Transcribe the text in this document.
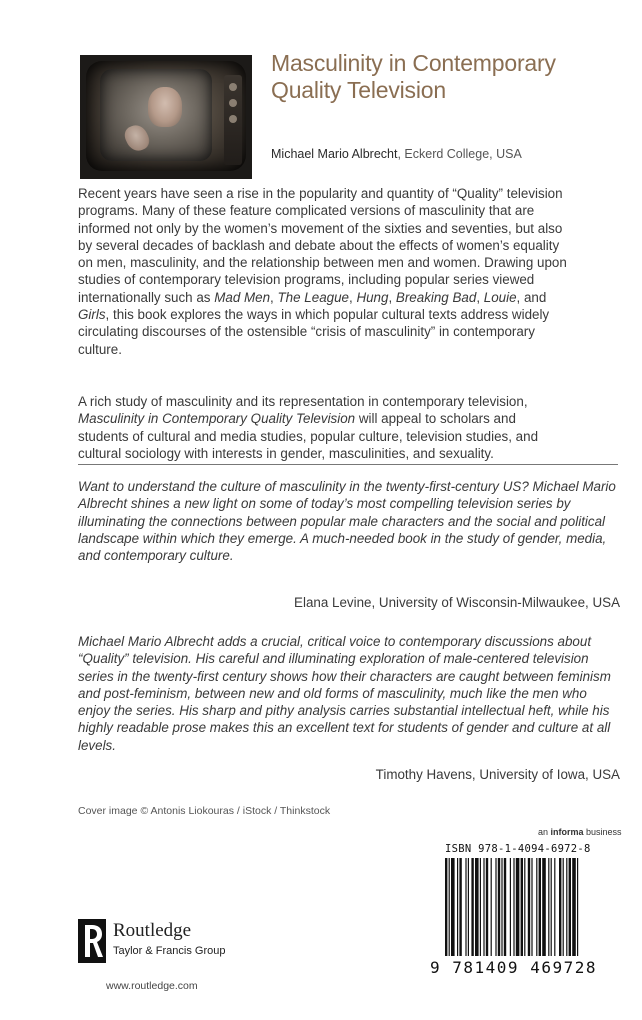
Masculinity in Contemporary Quality Television
Michael Mario Albrecht, Eckerd College, USA

Recent years have seen a rise in the popularity and quantity of “Quality” television programs. Many of these feature complicated versions of masculinity that are informed not only by the women’s movement of the sixties and seventies, but also by several decades of backlash and debate about the effects of women’s equality on men, masculinity, and the relationship between men and women. Drawing upon studies of contemporary television programs, including popular series viewed internationally such as Mad Men, The League, Hung, Breaking Bad, Louie, and Girls, this book explores the ways in which popular cultural texts address widely circulating discourses of the ostensible “crisis of masculinity” in contemporary culture.

A rich study of masculinity and its representation in contemporary television, Masculinity in Contemporary Quality Television will appeal to scholars and students of cultural and media studies, popular culture, television studies, and cultural sociology with interests in gender, masculinities, and sexuality.

Want to understand the culture of masculinity in the twenty-first-century US? Michael Mario Albrecht shines a new light on some of today’s most compelling television series by illuminating the connections between popular male characters and the social and political landscape within which they emerge. A much-needed book in the study of gender, media, and contemporary culture.

Elana Levine, University of Wisconsin-Milwaukee, USA

Michael Mario Albrecht adds a crucial, critical voice to contemporary discussions about “Quality” television. His careful and illuminating exploration of male-centered television series in the twenty-first century shows how their characters are caught between feminism and post-feminism, between new and old forms of masculinity, much like the men who enjoy the series. His sharp and pithy analysis carries substantial intellectual heft, while his highly readable prose makes this an excellent text for students of gender and culture at all levels.

Timothy Havens, University of Iowa, USA
Cover image © Antonis Liokouras / iStock / Thinkstock
an informa business
ISBN 978-1-4094-6972-8
9 781409 469728
Routledge
Taylor & Francis Group
www.routledge.com
